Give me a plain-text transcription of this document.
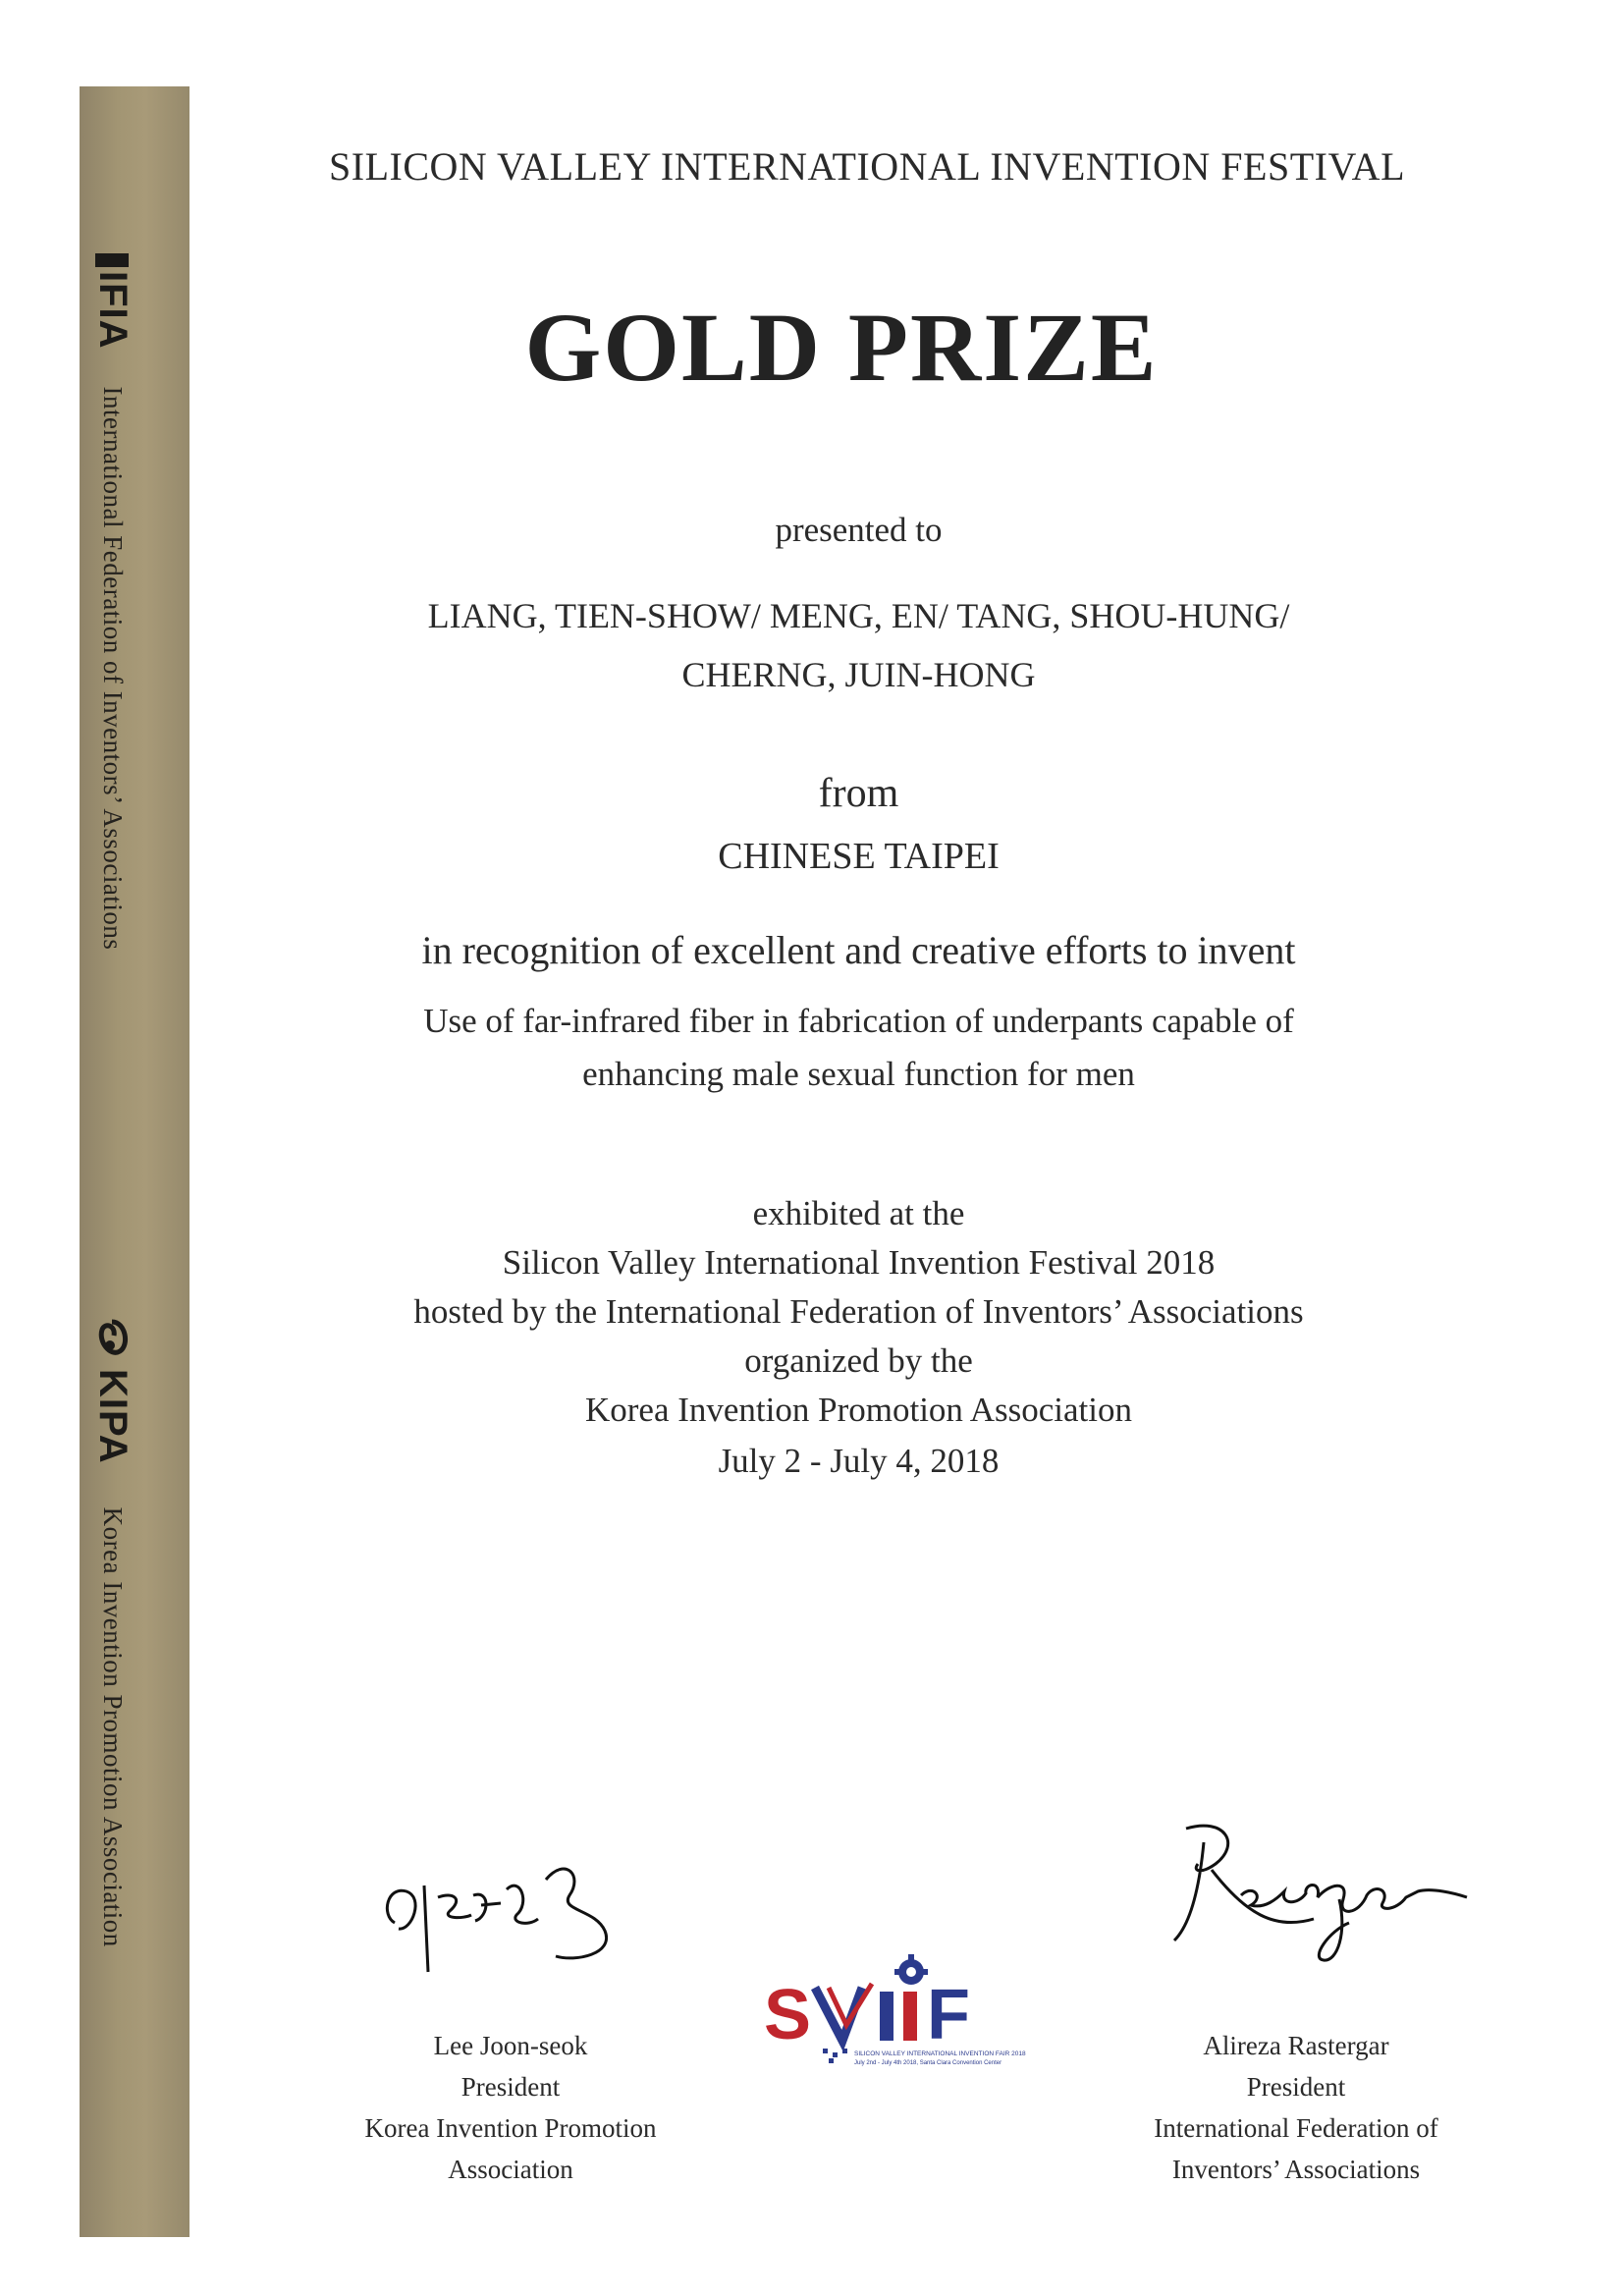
IFIA
International Federation of Inventors’ Associations
KIPA
Korea Invention Promotion Association
SILICON VALLEY INTERNATIONAL INVENTION FESTIVAL
GOLD PRIZE
presented to
LIANG, TIEN-SHOW/ MENG, EN/ TANG, SHOU-HUNG/
CHERNG, JUIN-HONG
from
CHINESE TAIPEI
in recognition of excellent and creative efforts to invent
Use of far-infrared fiber in fabrication of underpants capable of
enhancing male sexual function for men
exhibited at the
Silicon Valley International Invention Festival 2018
hosted by the International Federation of Inventors’ Associations
organized by the
Korea Invention Promotion Association
July 2 - July 4, 2018
Lee Joon-seok
President
Korea Invention Promotion
Association
Alireza Rastergar
President
International Federation of
Inventors’ Associations
S F
SILICON VALLEY INTERNATIONAL INVENTION FAIR 2018
July 2nd - July 4th 2018, Santa Clara Convention Center
